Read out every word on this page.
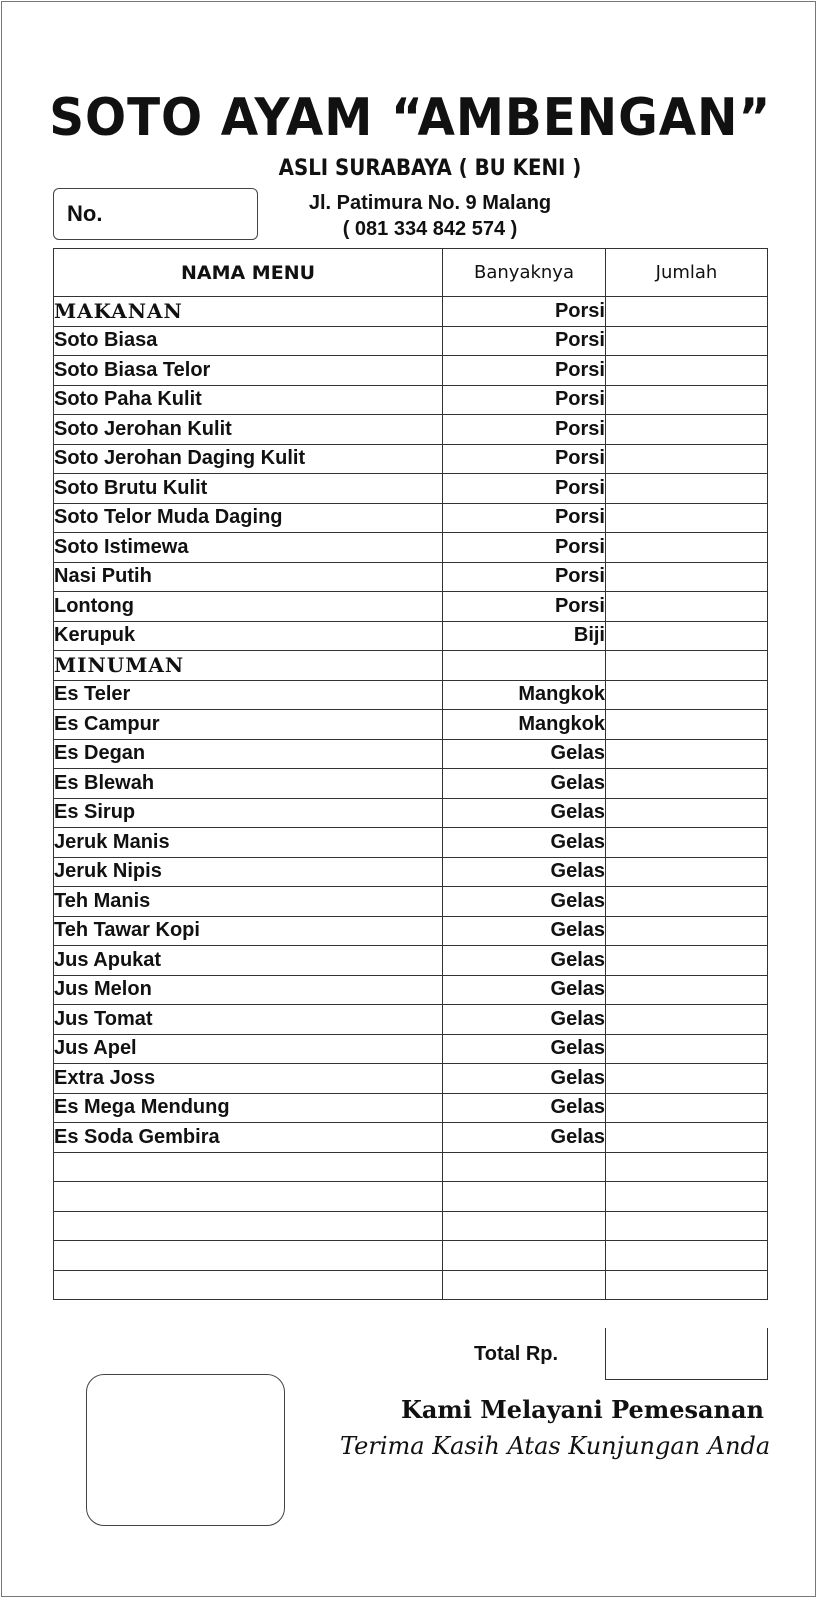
SOTO AYAM “AMBENGAN”
ASLI SURABAYA ( BU KENI )
Jl. Patimura No. 9 Malang
( 081 334 842 574 )
No.
NAMA MENU	Banyaknya	Jumlah
MAKANAN	Porsi	
Soto Biasa	Porsi	
Soto Biasa Telor	Porsi	
Soto Paha Kulit	Porsi	
Soto Jerohan Kulit	Porsi	
Soto Jerohan Daging Kulit	Porsi	
Soto Brutu Kulit	Porsi	
Soto Telor Muda Daging	Porsi	
Soto Istimewa	Porsi	
Nasi Putih	Porsi	
Lontong	Porsi	
Kerupuk	Biji	
MINUMAN		
Es Teler	Mangkok	
Es Campur	Mangkok	
Es Degan	Gelas	
Es Blewah	Gelas	
Es Sirup	Gelas	
Jeruk Manis	Gelas	
Jeruk Nipis	Gelas	
Teh Manis	Gelas	
Teh Tawar Kopi	Gelas	
Jus Apukat	Gelas	
Jus Melon	Gelas	
Jus Tomat	Gelas	
Jus Apel	Gelas	
Extra Joss	Gelas	
Es Mega Mendung	Gelas	
Es Soda Gembira	Gelas	

Total Rp.
Kami Melayani Pemesanan
Terima Kasih Atas Kunjungan Anda
